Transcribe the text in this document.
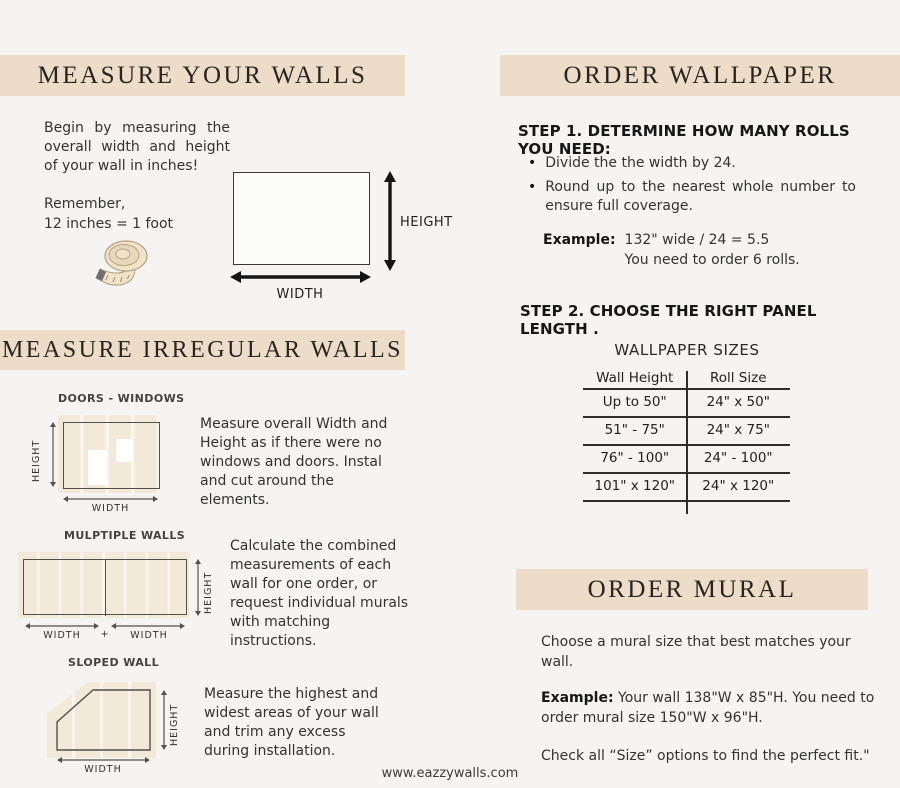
MEASURE YOUR WALLS
Begin by measuring the overall width and height of your wall in inches!
Remember,
12 inches = 1 foot	HEIGHT
WIDTH
MEASURE IRREGULAR WALLS
DOORS - WINDOWS
HEIGHT
WIDTH
Measure overall Width and Height as if there were no windows and doors. Instal and cut around the elements.
MULPTIPLE WALLS
HEIGHT
WIDTH	+	WIDTH
Calculate the combined measurements of each wall for one order, or request individual murals with matching instructions.
SLOPED WALL
HEIGHT
WIDTH
Measure the highest and widest areas of your wall and trim any excess during installation.
ORDER WALLPAPER
STEP 1. DETERMINE HOW MANY ROLLS YOU NEED:
• Divide the the width by 24.
• Round up to the nearest whole number to ensure full coverage.
Example: 132" wide / 24 = 5.5
You need to order 6 rolls.
STEP 2. CHOOSE THE RIGHT PANEL LENGTH .
WALLPAPER SIZES
Wall Height	Roll Size
Up to 50"	24" x 50"
51" - 75"	24" x 75"
76" - 100"	24" - 100"
101" x 120"	24" x 120"
ORDER MURAL
Choose a mural size that best matches your wall.
Example: Your wall 138"W x 85"H. You need to order mural size 150"W x 96"H.
Check all “Size” options to find the perfect fit."
www.eazzywalls.com
